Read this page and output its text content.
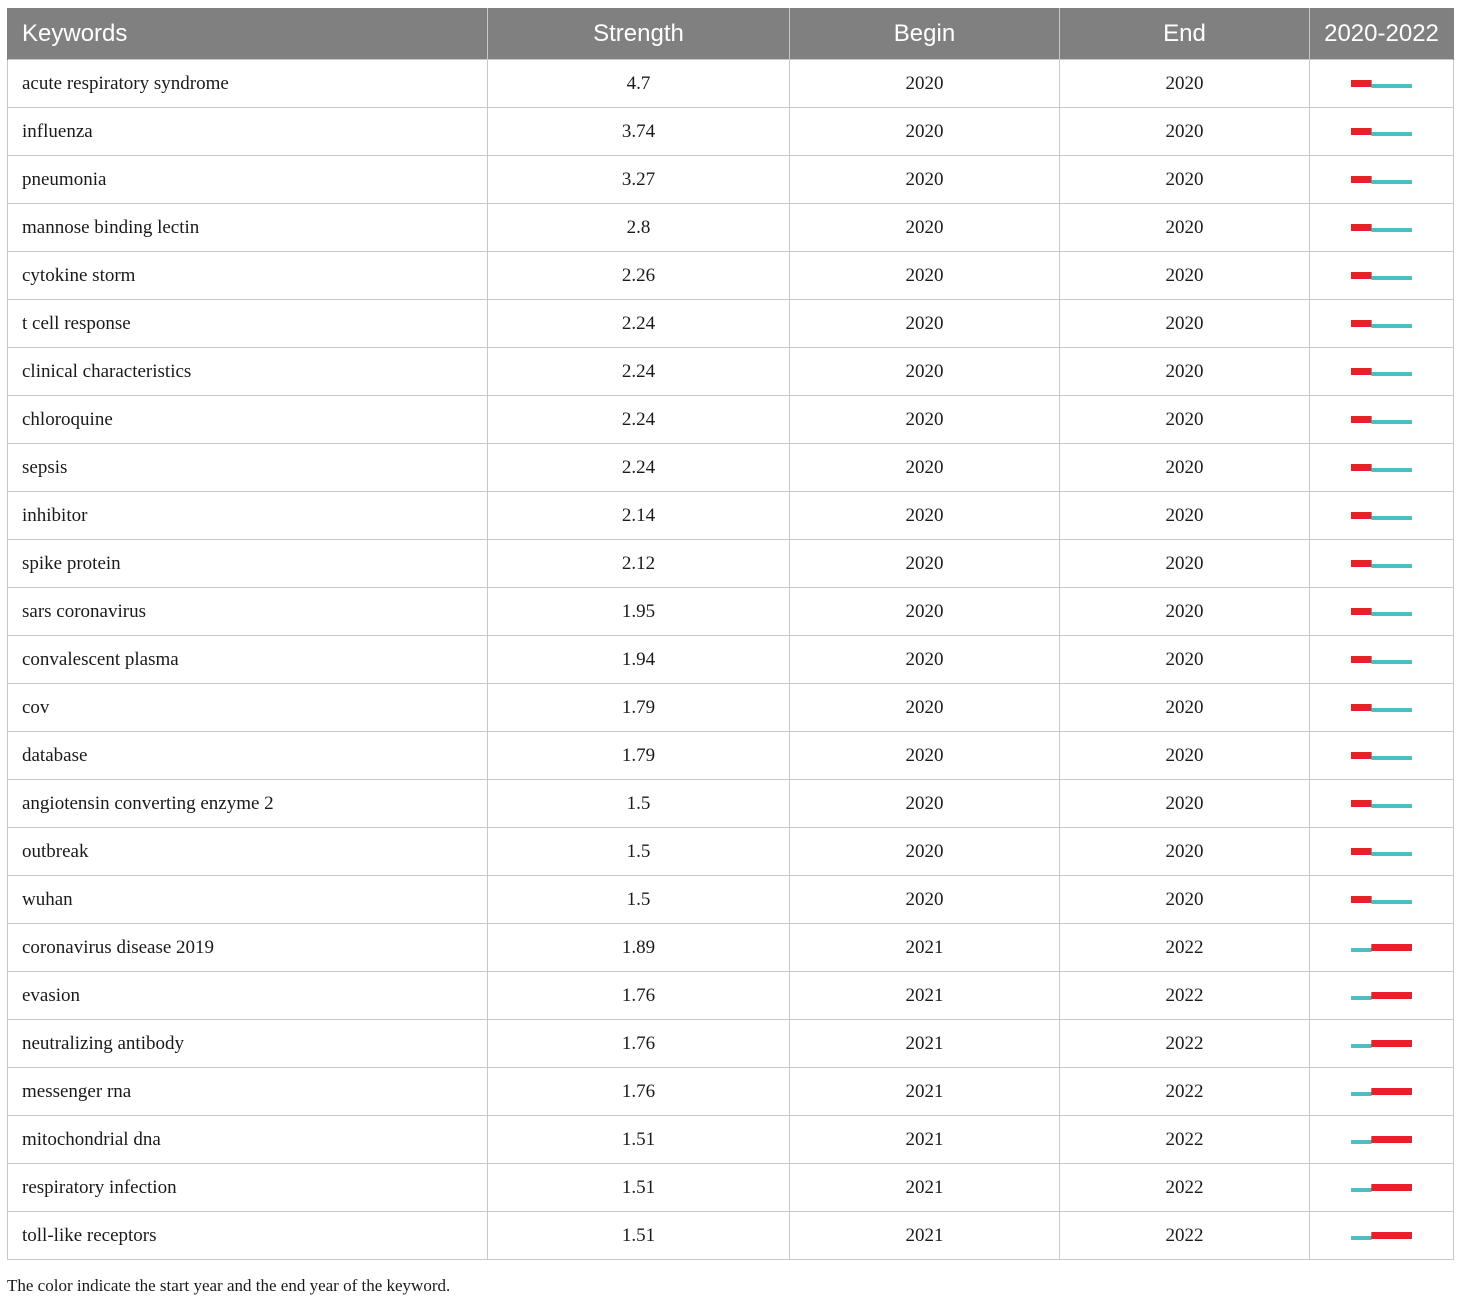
Keywords	Strength	Begin	End	2020-2022
acute respiratory syndrome	4.7	2020	2020	

influenza	3.74	2020	2020	

pneumonia	3.27	2020	2020	

mannose binding lectin	2.8	2020	2020	

cytokine storm	2.26	2020	2020	

t cell response	2.24	2020	2020	

clinical characteristics	2.24	2020	2020	

chloroquine	2.24	2020	2020	

sepsis	2.24	2020	2020	

inhibitor	2.14	2020	2020	

spike protein	2.12	2020	2020	

sars coronavirus	1.95	2020	2020	

convalescent plasma	1.94	2020	2020	

cov	1.79	2020	2020	

database	1.79	2020	2020	

angiotensin converting enzyme 2	1.5	2020	2020	

outbreak	1.5	2020	2020	

wuhan	1.5	2020	2020	

coronavirus disease 2019	1.89	2021	2022	

evasion	1.76	2021	2022	

neutralizing antibody	1.76	2021	2022	

messenger rna	1.76	2021	2022	

mitochondrial dna	1.51	2021	2022	

respiratory infection	1.51	2021	2022	

toll-like receptors	1.51	2021	2022	
The color indicate the start year and the end year of the keyword.
